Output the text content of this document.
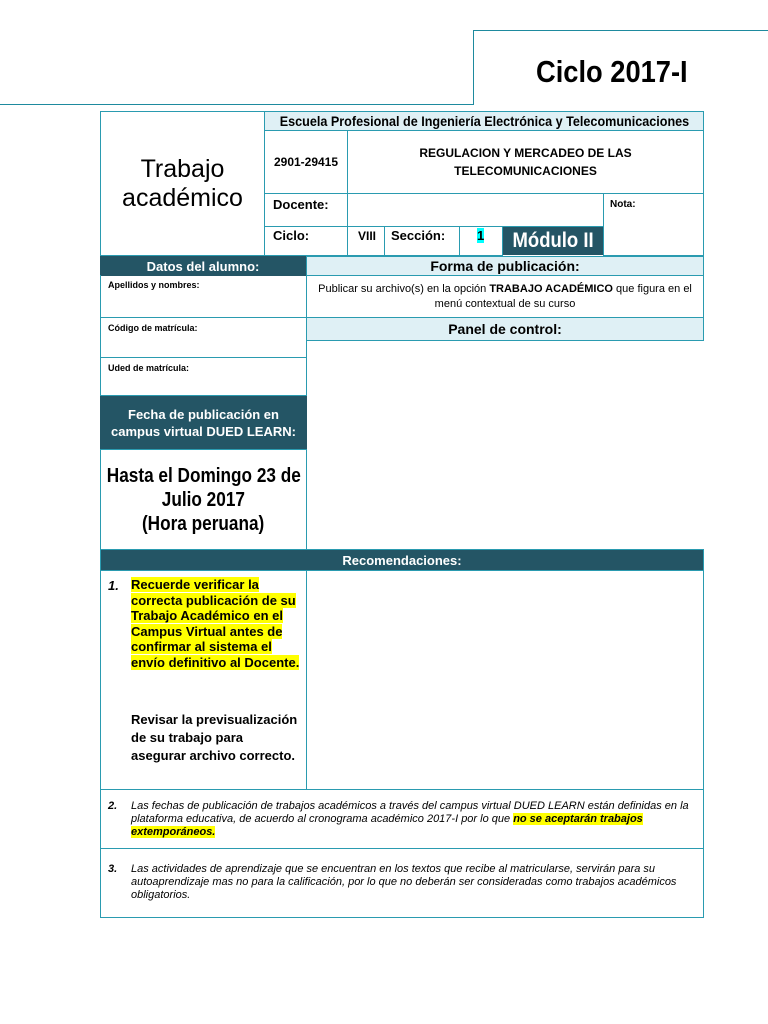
Ciclo 2017-I
Trabajo
académico
Escuela Profesional de Ingeniería Electrónica y Telecomunicaciones
2901-29415
REGULACION Y MERCADEO DE LAS TELECOMUNICACIONES
Docente:	Nota:
Ciclo:	VIII	Sección:	1	Módulo II
Datos del alumno:
Apellidos y nombres:
Código de matrícula:
Uded de matrícula:
Forma de publicación:
Publicar su archivo(s) en la opción TRABAJO ACADÉMICO que figura en el menú contextual de su curso
Panel de control:
Fecha de publicación en campus virtual DUED LEARN:
Hasta el Domingo 23 de
Julio 2017
(Hora peruana)
Recomendaciones:
1. Recuerde verificar la correcta publicación de su Trabajo Académico en el Campus Virtual antes de confirmar al sistema el envío definitivo al Docente.
Revisar la previsualización de su trabajo para asegurar archivo correcto.
2. Las fechas de publicación de trabajos académicos a través del campus virtual DUED LEARN están definidas en la plataforma educativa, de acuerdo al cronograma académico 2017-I por lo que no se aceptarán trabajos extemporáneos.
3. Las actividades de aprendizaje que se encuentran en los textos que recibe al matricularse, servirán para su autoaprendizaje mas no para la calificación, por lo que no deberán ser consideradas como trabajos académicos obligatorios.
